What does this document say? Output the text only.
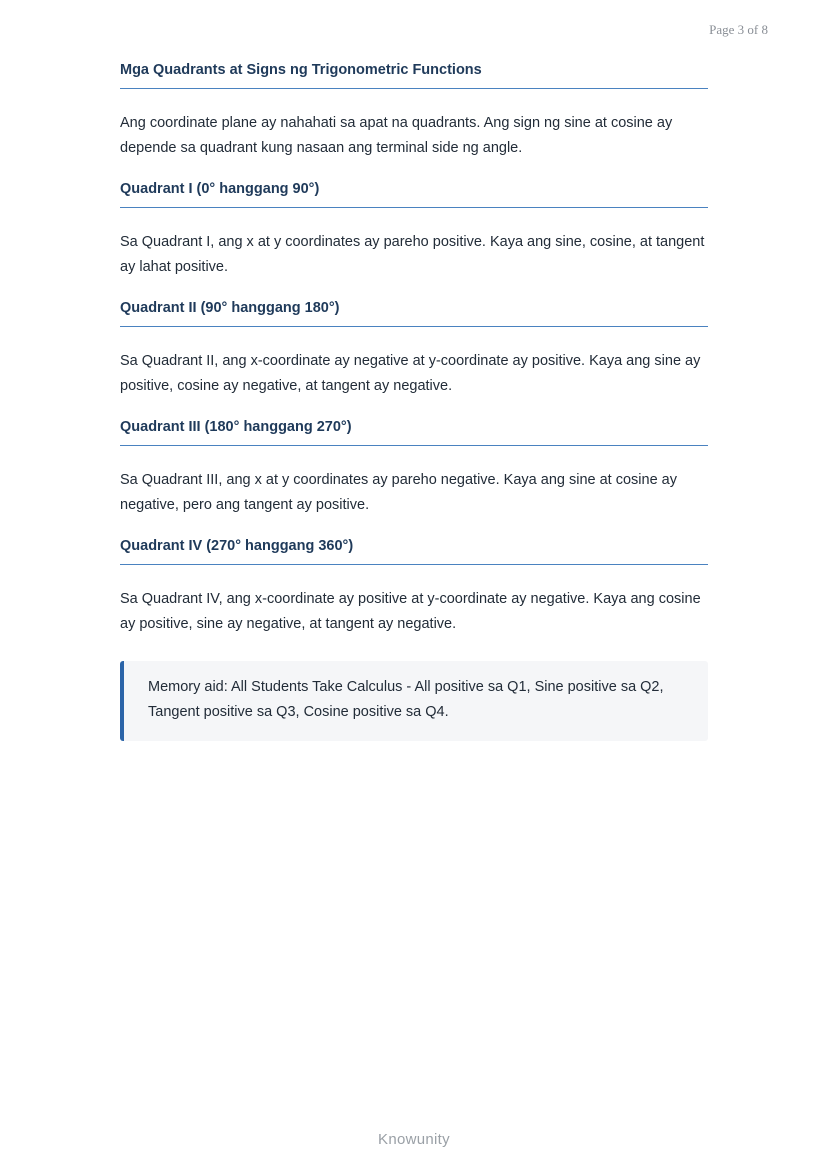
Page 3 of 8
Mga Quadrants at Signs ng Trigonometric Functions

Ang coordinate plane ay nahahati sa apat na quadrants. Ang sign ng sine at cosine ay depende sa quadrant kung nasaan ang terminal side ng angle.

Quadrant I (0° hanggang 90°)

Sa Quadrant I, ang x at y coordinates ay pareho positive. Kaya ang sine, cosine, at tangent ay lahat positive.

Quadrant II (90° hanggang 180°)

Sa Quadrant II, ang x-coordinate ay negative at y-coordinate ay positive. Kaya ang sine ay positive, cosine ay negative, at tangent ay negative.

Quadrant III (180° hanggang 270°)

Sa Quadrant III, ang x at y coordinates ay pareho negative. Kaya ang sine at cosine ay negative, pero ang tangent ay positive.

Quadrant IV (270° hanggang 360°)

Sa Quadrant IV, ang x-coordinate ay positive at y-coordinate ay negative. Kaya ang cosine ay positive, sine ay negative, at tangent ay negative.

Memory aid: All Students Take Calculus - All positive sa Q1, Sine positive sa Q2, Tangent positive sa Q3, Cosine positive sa Q4.
Knowunity
